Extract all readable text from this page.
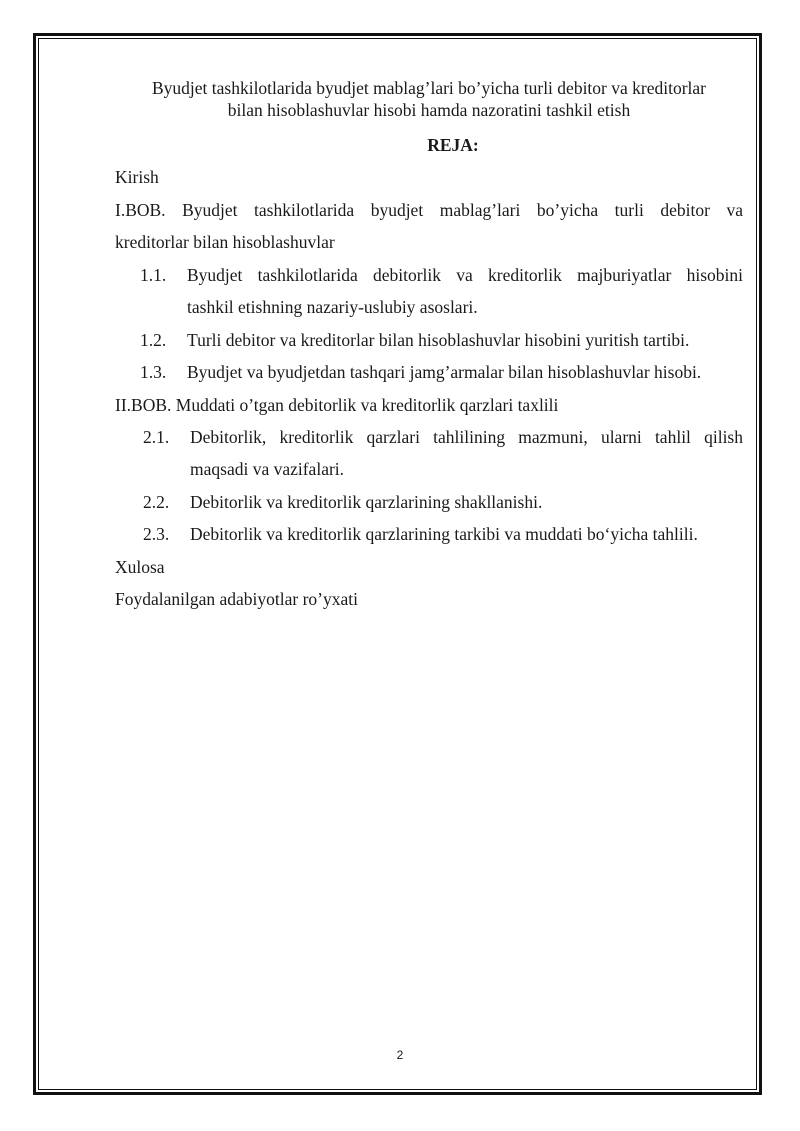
Byudjet tashkilotlarida byudjet mablag’lari bo’yicha turli debitor va kreditorlar
bilan hisoblashuvlar hisobi hamda nazoratini tashkil etish
REJA:
Kirish
I.BOB. Byudjet tashkilotlarida byudjet mablag’lari bo’yicha turli debitor va
kreditorlar bilan hisoblashuvlar
1.1. Byudjet tashkilotlarida debitorlik va kreditorlik majburiyatlar hisobini
tashkil etishning nazariy-uslubiy asoslari.
1.2. Turli debitor va kreditorlar bilan hisoblashuvlar hisobini yuritish tartibi.
1.3. Byudjet va byudjetdan tashqari jamg’armalar bilan hisoblashuvlar hisobi.
II.BOB. Muddati o’tgan debitorlik va kreditorlik qarzlari taxlili
2.1. Debitorlik, kreditorlik qarzlari tahlilining mazmuni, ularni tahlil qilish
maqsadi va vazifalari.
2.2. Debitorlik va kreditorlik qarzlarining shakllanishi.
2.3. Debitorlik va kreditorlik qarzlarining tarkibi va muddati bo‘yicha tahlili.
Xulosa
Foydalanilgan adabiyotlar ro’yxati
2
